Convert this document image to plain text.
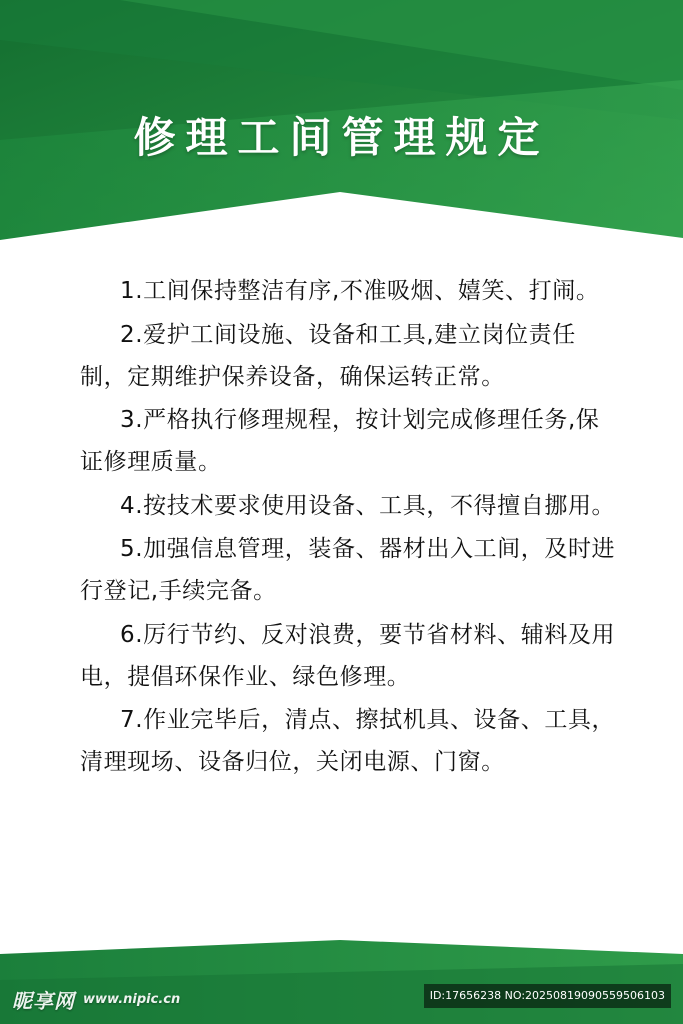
修理工间管理规定
1.工间保持整洁有序,不准吸烟、嬉笑、打闹。
2.爱护工间设施、设备和工具,建立岗位责任制，定期维护保养设备，确保运转正常。
3.严格执行修理规程，按计划完成修理任务,保证修理质量。
4.按技术要求使用设备、工具，不得擅自挪用。
5.加强信息管理，装备、器材出入工间，及时进行登记,手续完备。
6.厉行节约、反对浪费，要节省材料、辅料及用电，提倡环保作业、绿色修理。
7.作业完毕后，清点、擦拭机具、设备、工具，清理现场、设备归位，关闭电源、门窗。
昵享网 www.nipic.cn	ID:17656238 NO:20250819090559506103
